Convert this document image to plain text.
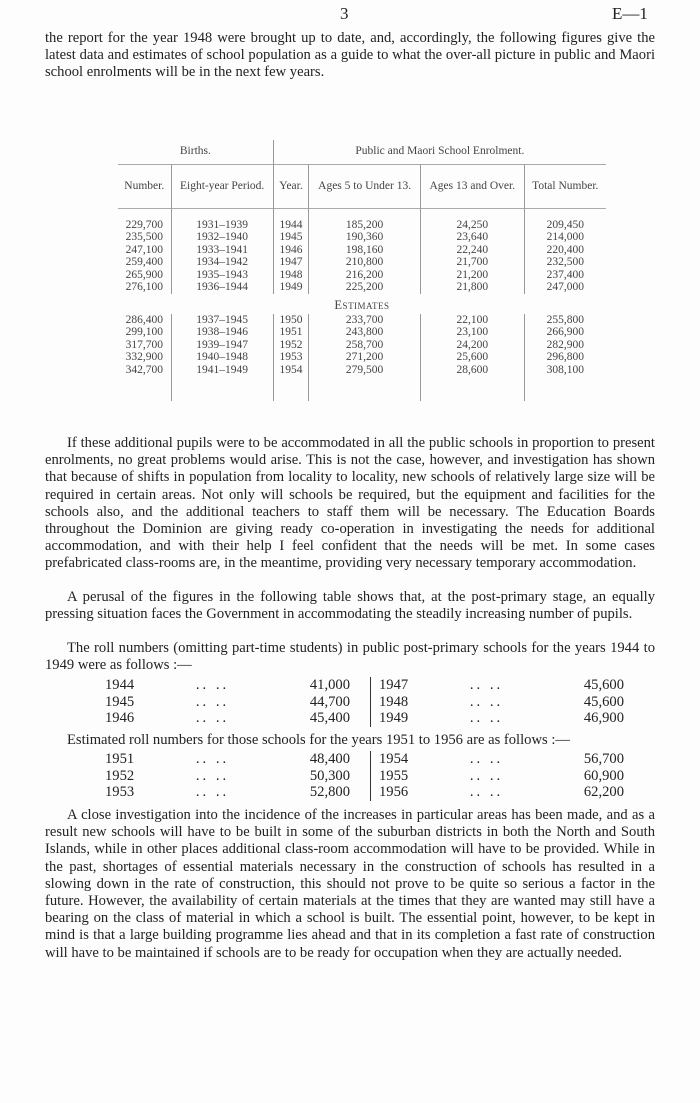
3	E—1
the report for the year 1948 were brought up to date, and, accordingly, the following figures give the latest data and estimates of school population as a guide to what the over-all picture in public and Maori school enrolments will be in the next few years.
Births.		Public and Maori School Enrolment.			
Number.	Eight-year Period.	Year.	Ages 5 to Under 13.	Ages 13 and Over.	Total Number.
229,700	1931–1939	1944	185,200	24,250	209,450
235,500	1932–1940	1945	190,360	23,640	214,000
247,100	1933–1941	1946	198,160	22,240	220,400
259,400	1934–1942	1947	210,800	21,700	232,500
265,900	1935–1943	1948	216,200	21,200	237,400
276,100	1936–1944	1949	225,200	21,800	247,000
Estimates					
286,400	1937–1945	1950	233,700	22,100	255,800
299,100	1938–1946	1951	243,800	23,100	266,900
317,700	1939–1947	1952	258,700	24,200	282,900
332,900	1940–1948	1953	271,200	25,600	296,800
342,700	1941–1949	1954	279,500	28,600	308,100

If these additional pupils were to be accommodated in all the public schools in proportion to present enrolments, no great problems would arise. This is not the case, however, and investigation has shown that because of shifts in population from locality to locality, new schools of relatively large size will be required in certain areas. Not only will schools be required, but the equipment and facilities for the schools also, and the additional teachers to staff them will be necessary. The Education Boards throughout the Dominion are giving ready co-operation in investigating the needs for additional accommodation, and with their help I feel confident that the needs will be met. In some cases prefabricated class-rooms are, in the meantime, providing very necessary temporary accommodation.
A perusal of the figures in the following table shows that, at the post-primary stage, an equally pressing situation faces the Government in accommodating the steadily increasing number of pupils.
The roll numbers (omitting part-time students) in public post-primary schools for the years 1944 to 1949 were as follows :—
1944	.. ..	41,000	1947	.. ..	45,600
1945	.. ..	44,700	1948	.. ..	45,600
1946	.. ..	45,400	1949	.. ..	46,900
Estimated roll numbers for those schools for the years 1951 to 1956 are as follows :—
1951	.. ..	48,400	1954	.. ..	56,700
1952	.. ..	50,300	1955	.. ..	60,900
1953	.. ..	52,800	1956	.. ..	62,200
A close investigation into the incidence of the increases in particular areas has been made, and as a result new schools will have to be built in some of the suburban districts in both the North and South Islands, while in other places additional class-room accommodation will have to be provided. While in the past, shortages of essential materials necessary in the construction of schools has resulted in a slowing down in the rate of construction, this should not prove to be quite so serious a factor in the future. However, the availability of certain materials at the times that they are wanted may still have a bearing on the class of material in which a school is built. The essential point, however, to be kept in mind is that a large building programme lies ahead and that in its completion a fast rate of construction will have to be maintained if schools are to be ready for occupation when they are actually needed.
